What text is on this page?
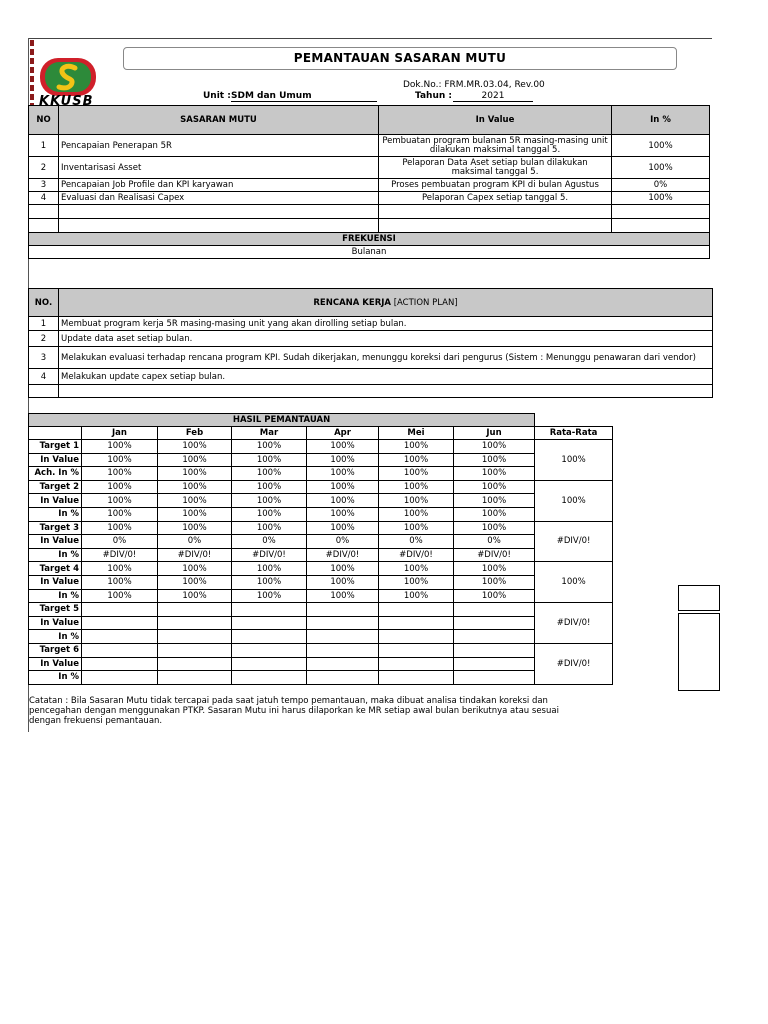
KKUSB
PEMANTAUAN SASARAN MUTU
Dok.No.: FRM.MR.03.04, Rev.00
Unit : SDM dan Umum	Tahun :	2021
NO	SASARAN MUTU	In Value	In %
1	Pencapaian Penerapan 5R	Pembuatan program bulanan 5R masing-masing unit dilakukan maksimal tanggal 5.	100%
2	Inventarisasi Asset	Pelaporan Data Aset setiap bulan dilakukan maksimal tanggal 5.	100%
3	Pencapaian Job Profile dan KPI karyawan	Proses pembuatan program KPI di bulan Agustus	0%
4	Evaluasi dan Realisasi Capex	Pelaporan Capex setiap tanggal 5.	100%

FREKUENSI			
Bulanan			
NO.	RENCANA KERJA [ACTION PLAN]
1	Membuat program kerja 5R masing-masing unit yang akan dirolling setiap bulan.
2	Update data aset setiap bulan.
3	Melakukan evaluasi terhadap rencana program KPI. Sudah dikerjakan, menunggu koreksi dari pengurus (Sistem : Menunggu penawaran dari vendor)
4	Melakukan update capex setiap bulan.

HASIL PEMANTAUAN							
	Jan	Feb	Mar	Apr	Mei	Jun	Rata-Rata
Target 1	100%	100%	100%	100%	100%	100%	100%
In Value	100%	100%	100%	100%	100%	100%	
Ach. In %	100%	100%	100%	100%	100%	100%	
Target 2	100%	100%	100%	100%	100%	100%	100%
In Value	100%	100%	100%	100%	100%	100%	
In %	100%	100%	100%	100%	100%	100%	
Target 3	100%	100%	100%	100%	100%	100%	#DIV/0!
In Value	0%	0%	0%	0%	0%	0%	
In %	#DIV/0!	#DIV/0!	#DIV/0!	#DIV/0!	#DIV/0!	#DIV/0!	
Target 4	100%	100%	100%	100%	100%	100%	100%
In Value	100%	100%	100%	100%	100%	100%	
In %	100%	100%	100%	100%	100%	100%	
Target 5							#DIV/0!
In Value							
In %							
Target 6							#DIV/0!
In Value							
In %							
Catatan : Bila Sasaran Mutu tidak tercapai pada saat jatuh tempo pemantauan, maka dibuat analisa tindakan koreksi dan pencegahan dengan menggunakan PTKP. Sasaran Mutu ini harus dilaporkan ke MR setiap awal bulan berikutnya atau sesuai dengan frekuensi pemantauan.
